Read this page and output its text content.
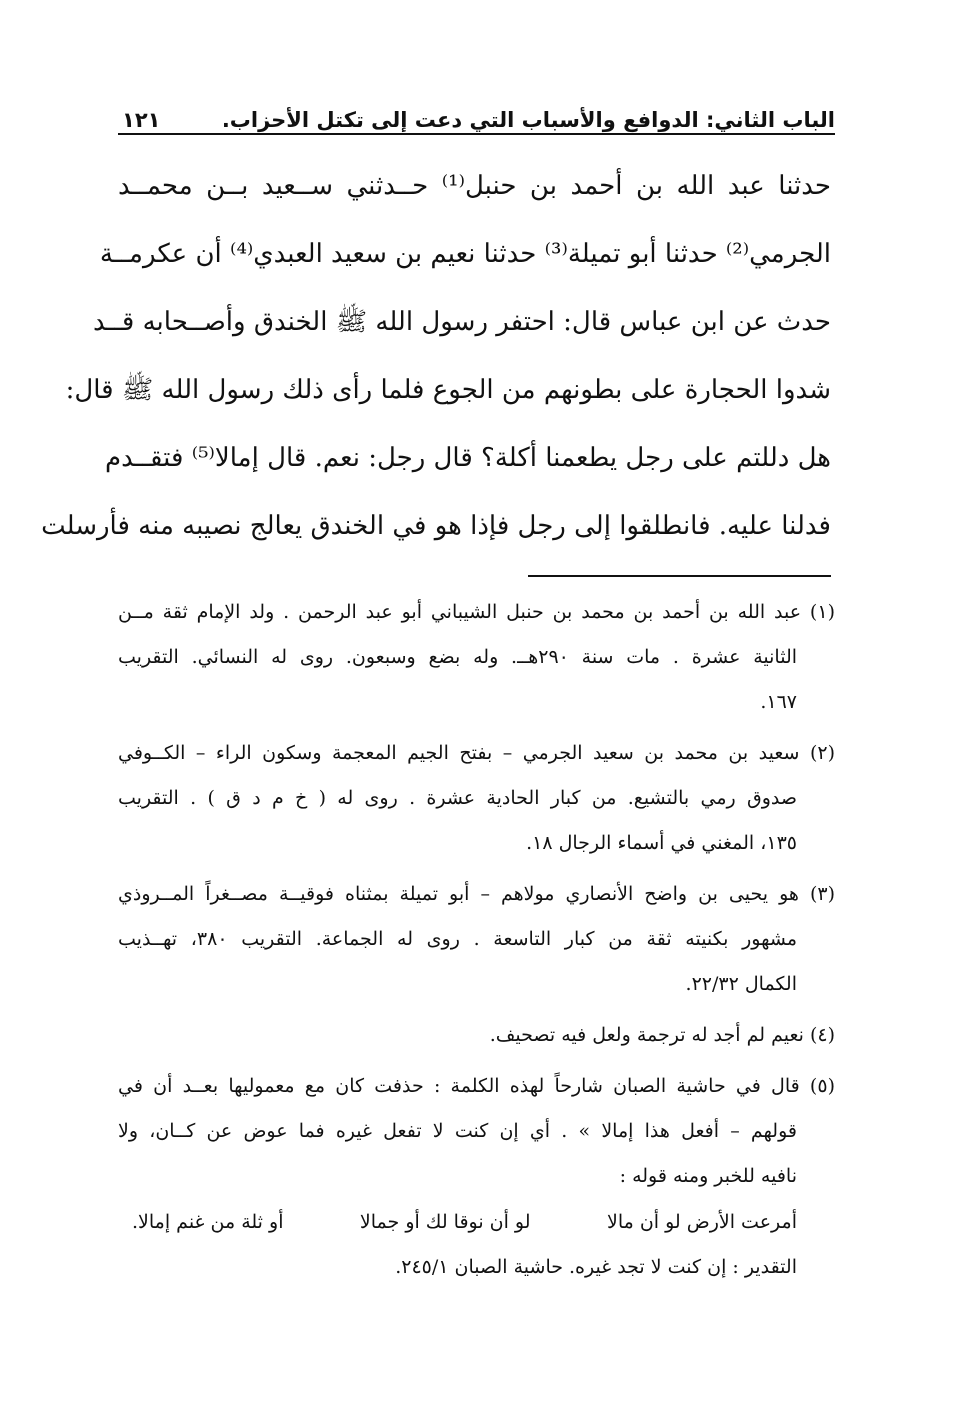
الباب الثاني: الدوافع والأسباب التي دعت إلى تكتل الأحزاب.
١٢١
حدثنا عبد الله بن أحمد بن حنبل⁽¹⁾ حــدثني ســعيد بــن محمــد
الجرمي⁽²⁾ حدثنا أبو تميلة⁽³⁾ حدثنا نعيم بن سعيد العبدي⁽⁴⁾ أن عكرمــة
حدث عن ابن عباس قال: احتفر رسول الله ﷺ الخندق وأصــحابه قــد
شدوا الحجارة على بطونهم من الجوع فلما رأى ذلك رسول الله ﷺ قال:
هل دللتم على رجل يطعمنا أكلة؟ قال رجل: نعم. قال إمالا⁽⁵⁾ فتقــدم
فدلنا عليه. فانطلقوا إلى رجل فإذا هو في الخندق يعالج نصيبه منه فأرسلت
(١) عبد الله بن أحمد بن محمد بن حنبل الشيباني أبو عبد الرحمن . ولد الإمام ثقة مــن
الثانية عشرة . مات سنة ٢٩٠هــ. وله بضع وسبعون. روى له النسائي. التقريب
١٦٧.
(٢) سعيد بن محمد بن سعيد الجرمي – بفتح الجيم المعجمة وسكون الراء – الكــوفي
صدوق رمي بالتشيع. من كبار الحادية عشرة . روى له ( خ م د ق ) . التقريب
١٣٥، المغني في أسماء الرجال ١٨.
(٣) هو يحيى بن واضح الأنصاري مولاهم – أبو تميلة بمثناه فوقيــة مصــغراً المــروذي
مشهور بكنيته ثقة من كبار التاسعة . روى له الجماعة. التقريب ٣٨٠، تهــذيب
الكمال ٢٢/٣٢.
(٤) نعيم لم أجد له ترجمة ولعل فيه تصحيف.
(٥) قال في حاشية الصبان شارحاً لهذه الكلمة : حذفت كان مع معموليها بعــد أن في
قولهم – أفعل هذا إمالا » . أي إن كنت لا تفعل غيره فما عوض عن كــان، ولا
نافيه للخبر ومنه قوله :
أمرعت الأرض لو أن مالا
لو أن نوقا لك أو جمالا
أو ثلة من غنم إمالا.
التقدير : إن كنت لا تجد غيره. حاشية الصبان ٢٤٥/١.
